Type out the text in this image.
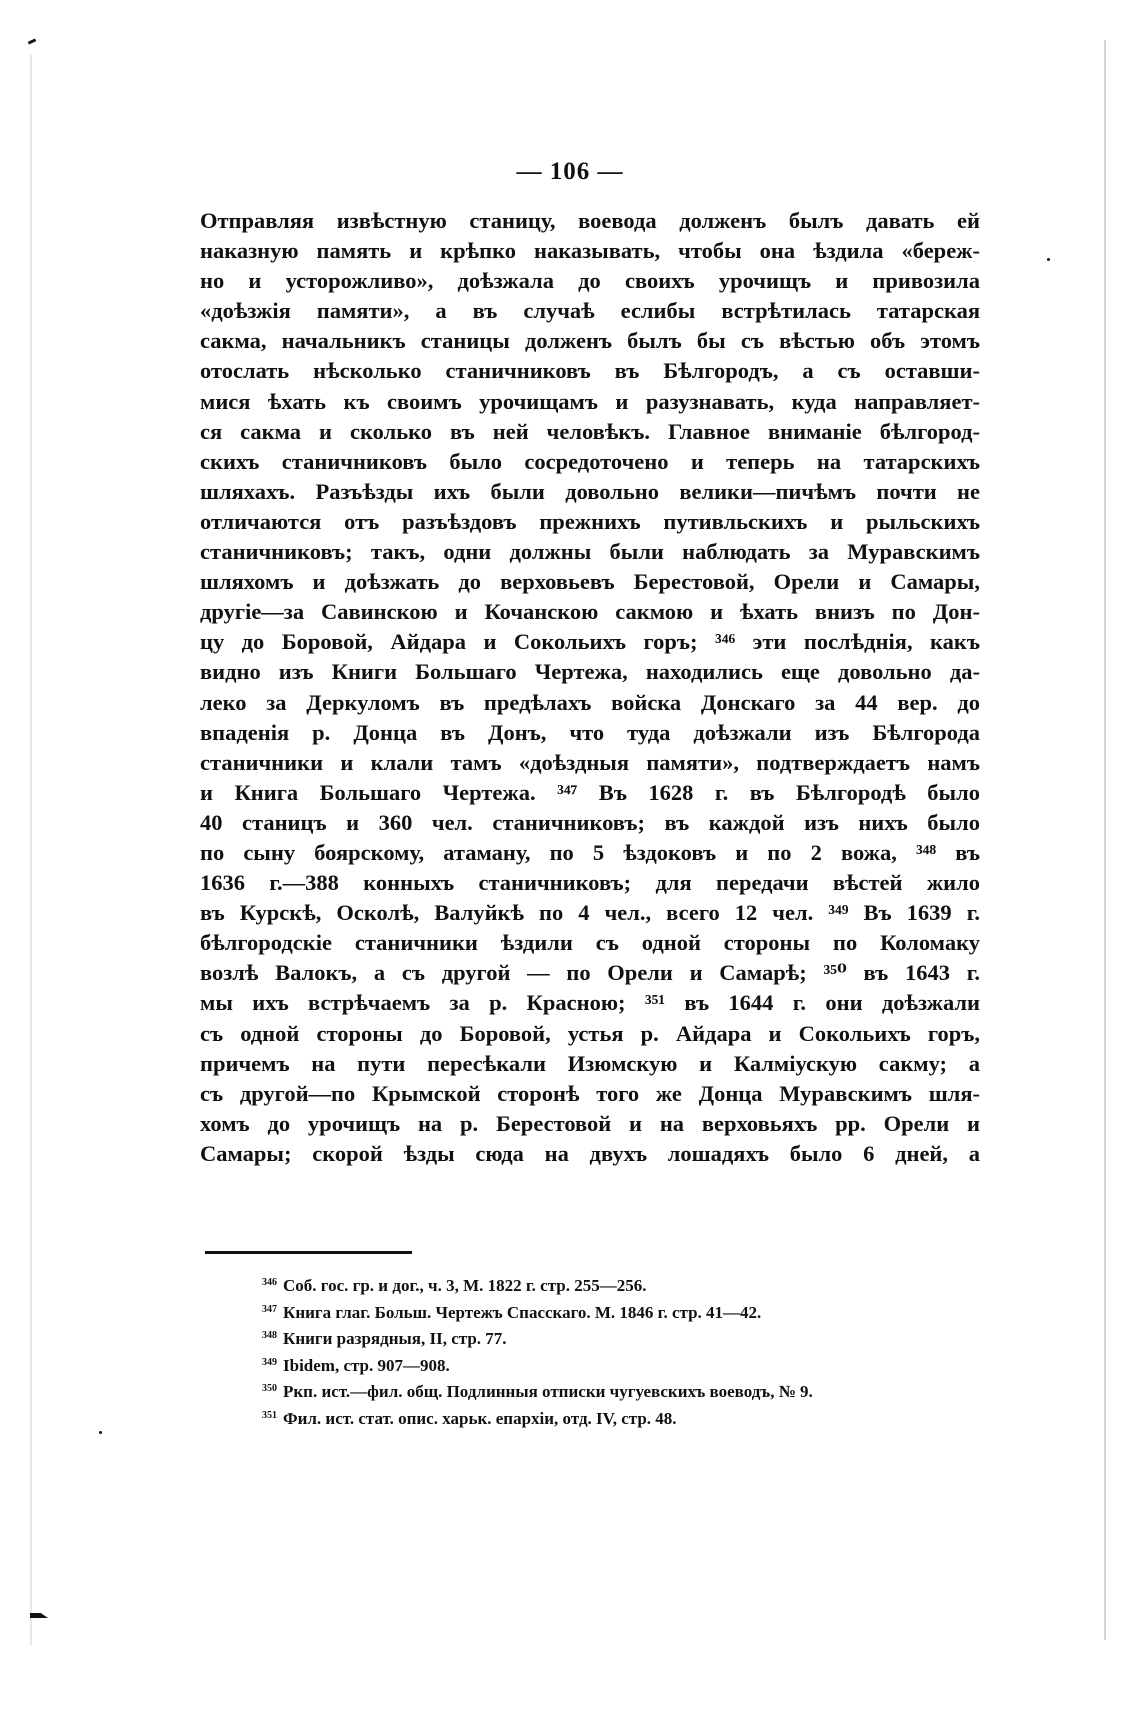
— 106 —
Отправляя извѣстную станицу, воевода долженъ былъ давать ей
наказную память и крѣпко наказывать, чтобы она ѣздила «береж-
но и усторожливо», доѣзжала до своихъ урочищъ и привозила
«доѣзжія памяти», а въ случаѣ еслибы встрѣтилась татарская
сакма, начальникъ станицы долженъ былъ бы съ вѣстью объ этомъ
отослать нѣсколько станичниковъ въ Бѣлгородъ, а съ оставши-
мися ѣхать къ своимъ урочищамъ и разузнавать, куда направляет-
ся сакма и сколько въ ней человѣкъ. Главное вниманіе бѣлгород-
скихъ станичниковъ было сосредоточено и теперь на татарскихъ
шляхахъ. Разъѣзды ихъ были довольно велики—пичѣмъ почти не
отличаются отъ разъѣздовъ прежнихъ путивльскихъ и рыльскихъ
станичниковъ; такъ, одни должны были наблюдать за Муравскимъ
шляхомъ и доѣзжать до верховьевъ Берестовой, Орели и Самары,
другіе—за Савинскою и Кочанскою сакмою и ѣхать внизъ по Дон-
цу до Боровой, Айдара и Сокольихъ горъ; ³⁴⁶ эти послѣднія, какъ
видно изъ Книги Большаго Чертежа, находились еще довольно да-
леко за Деркуломъ въ предѣлахъ войска Донскаго за 44 вер. до
впаденія р. Донца въ Донъ, что туда доѣзжали изъ Бѣлгорода
станичники и клали тамъ «доѣздныя памяти», подтверждаетъ намъ
и Книга Большаго Чертежа. ³⁴⁷ Въ 1628 г. въ Бѣлгородѣ было
40 станицъ и 360 чел. станичниковъ; въ каждой изъ нихъ было
по сыну боярскому, атаману, по 5 ѣздоковъ и по 2 вожа, ³⁴⁸ въ
1636 г.—388 конныхъ станичниковъ; для передачи вѣстей жило
въ Курскѣ, Осколѣ, Валуйкѣ по 4 чел., всего 12 чел. ³⁴⁹ Въ 1639 г.
бѣлгородскіе станичники ѣздили съ одной стороны по Коломаку
возлѣ Валокъ, а съ другой — по Орели и Самарѣ; ³⁵⁰ въ 1643 г.
мы ихъ встрѣчаемъ за р. Красною; ³⁵¹ въ 1644 г. они доѣзжали
съ одной стороны до Боровой, устья р. Айдара и Сокольихъ горъ,
причемъ на пути пересѣкали Изюмскую и Калміускую сакму; а
съ другой—по Крымской сторонѣ того же Донца Муравскимъ шля-
хомъ до урочищъ на р. Берестовой и на верховьяхъ рр. Орели и
Самары; скорой ѣзды сюда на двухъ лошадяхъ было 6 дней, а
$^{346}$ Соб. гос. гр. и дог., ч. 3, М. 1822 г. стр. 255—256.
$^{347}$ Книга глаг. Больш. Чертежъ Спасскаго. М. 1846 г. стр. 41—42.
$^{348}$ Книги разрядныя, II, стр. 77.
$^{349}$ Ibidem, стр. 907—908.
$^{350}$ Ркп. ист.—фил. общ. Подлинныя отписки чугуевскихъ воеводъ, № 9.
$^{351}$ Фил. ист. стат. опис. харьк. епархіи, отд. IV, стр. 48.
